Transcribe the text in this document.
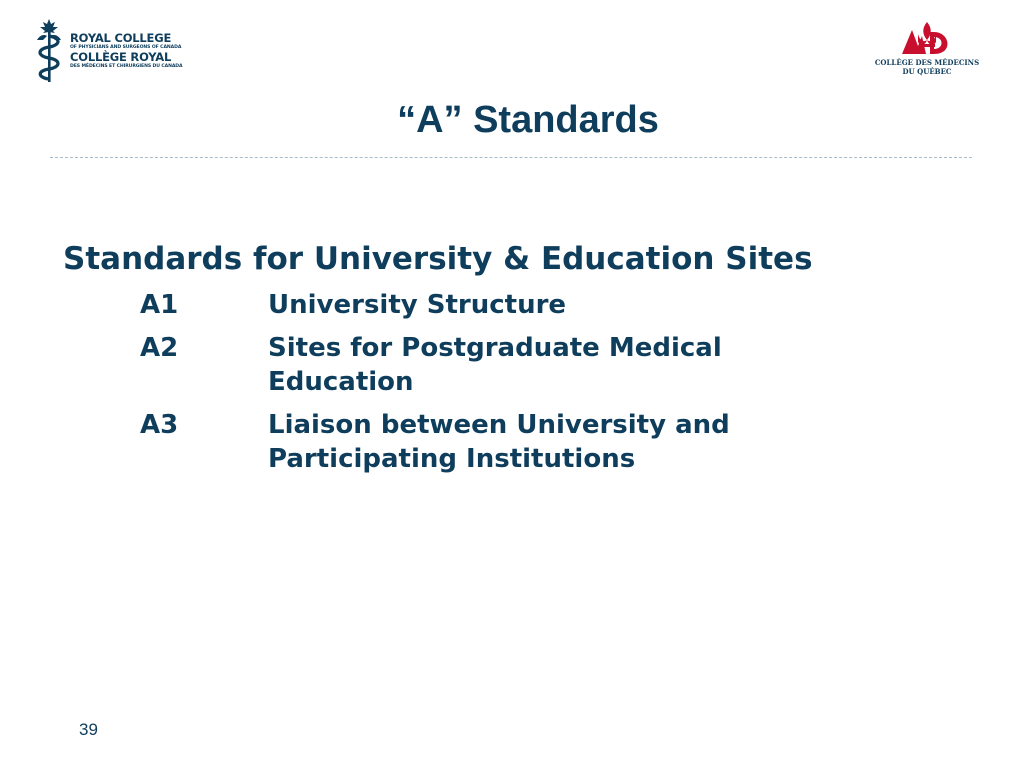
ROYAL COLLEGE
OF PHYSICIANS AND SURGEONS OF CANADA
COLLÈGE ROYAL
DES MÉDECINS ET CHIRURGIENS DU CANADA	COLLÈGE DES MÉDECINS
DU QUÉBEC
“A” Standards
Standards for University & Education Sites
A1	University Structure
A2	Sites for Postgraduate Medical Education
A3	Liaison between University and Participating Institutions
39
